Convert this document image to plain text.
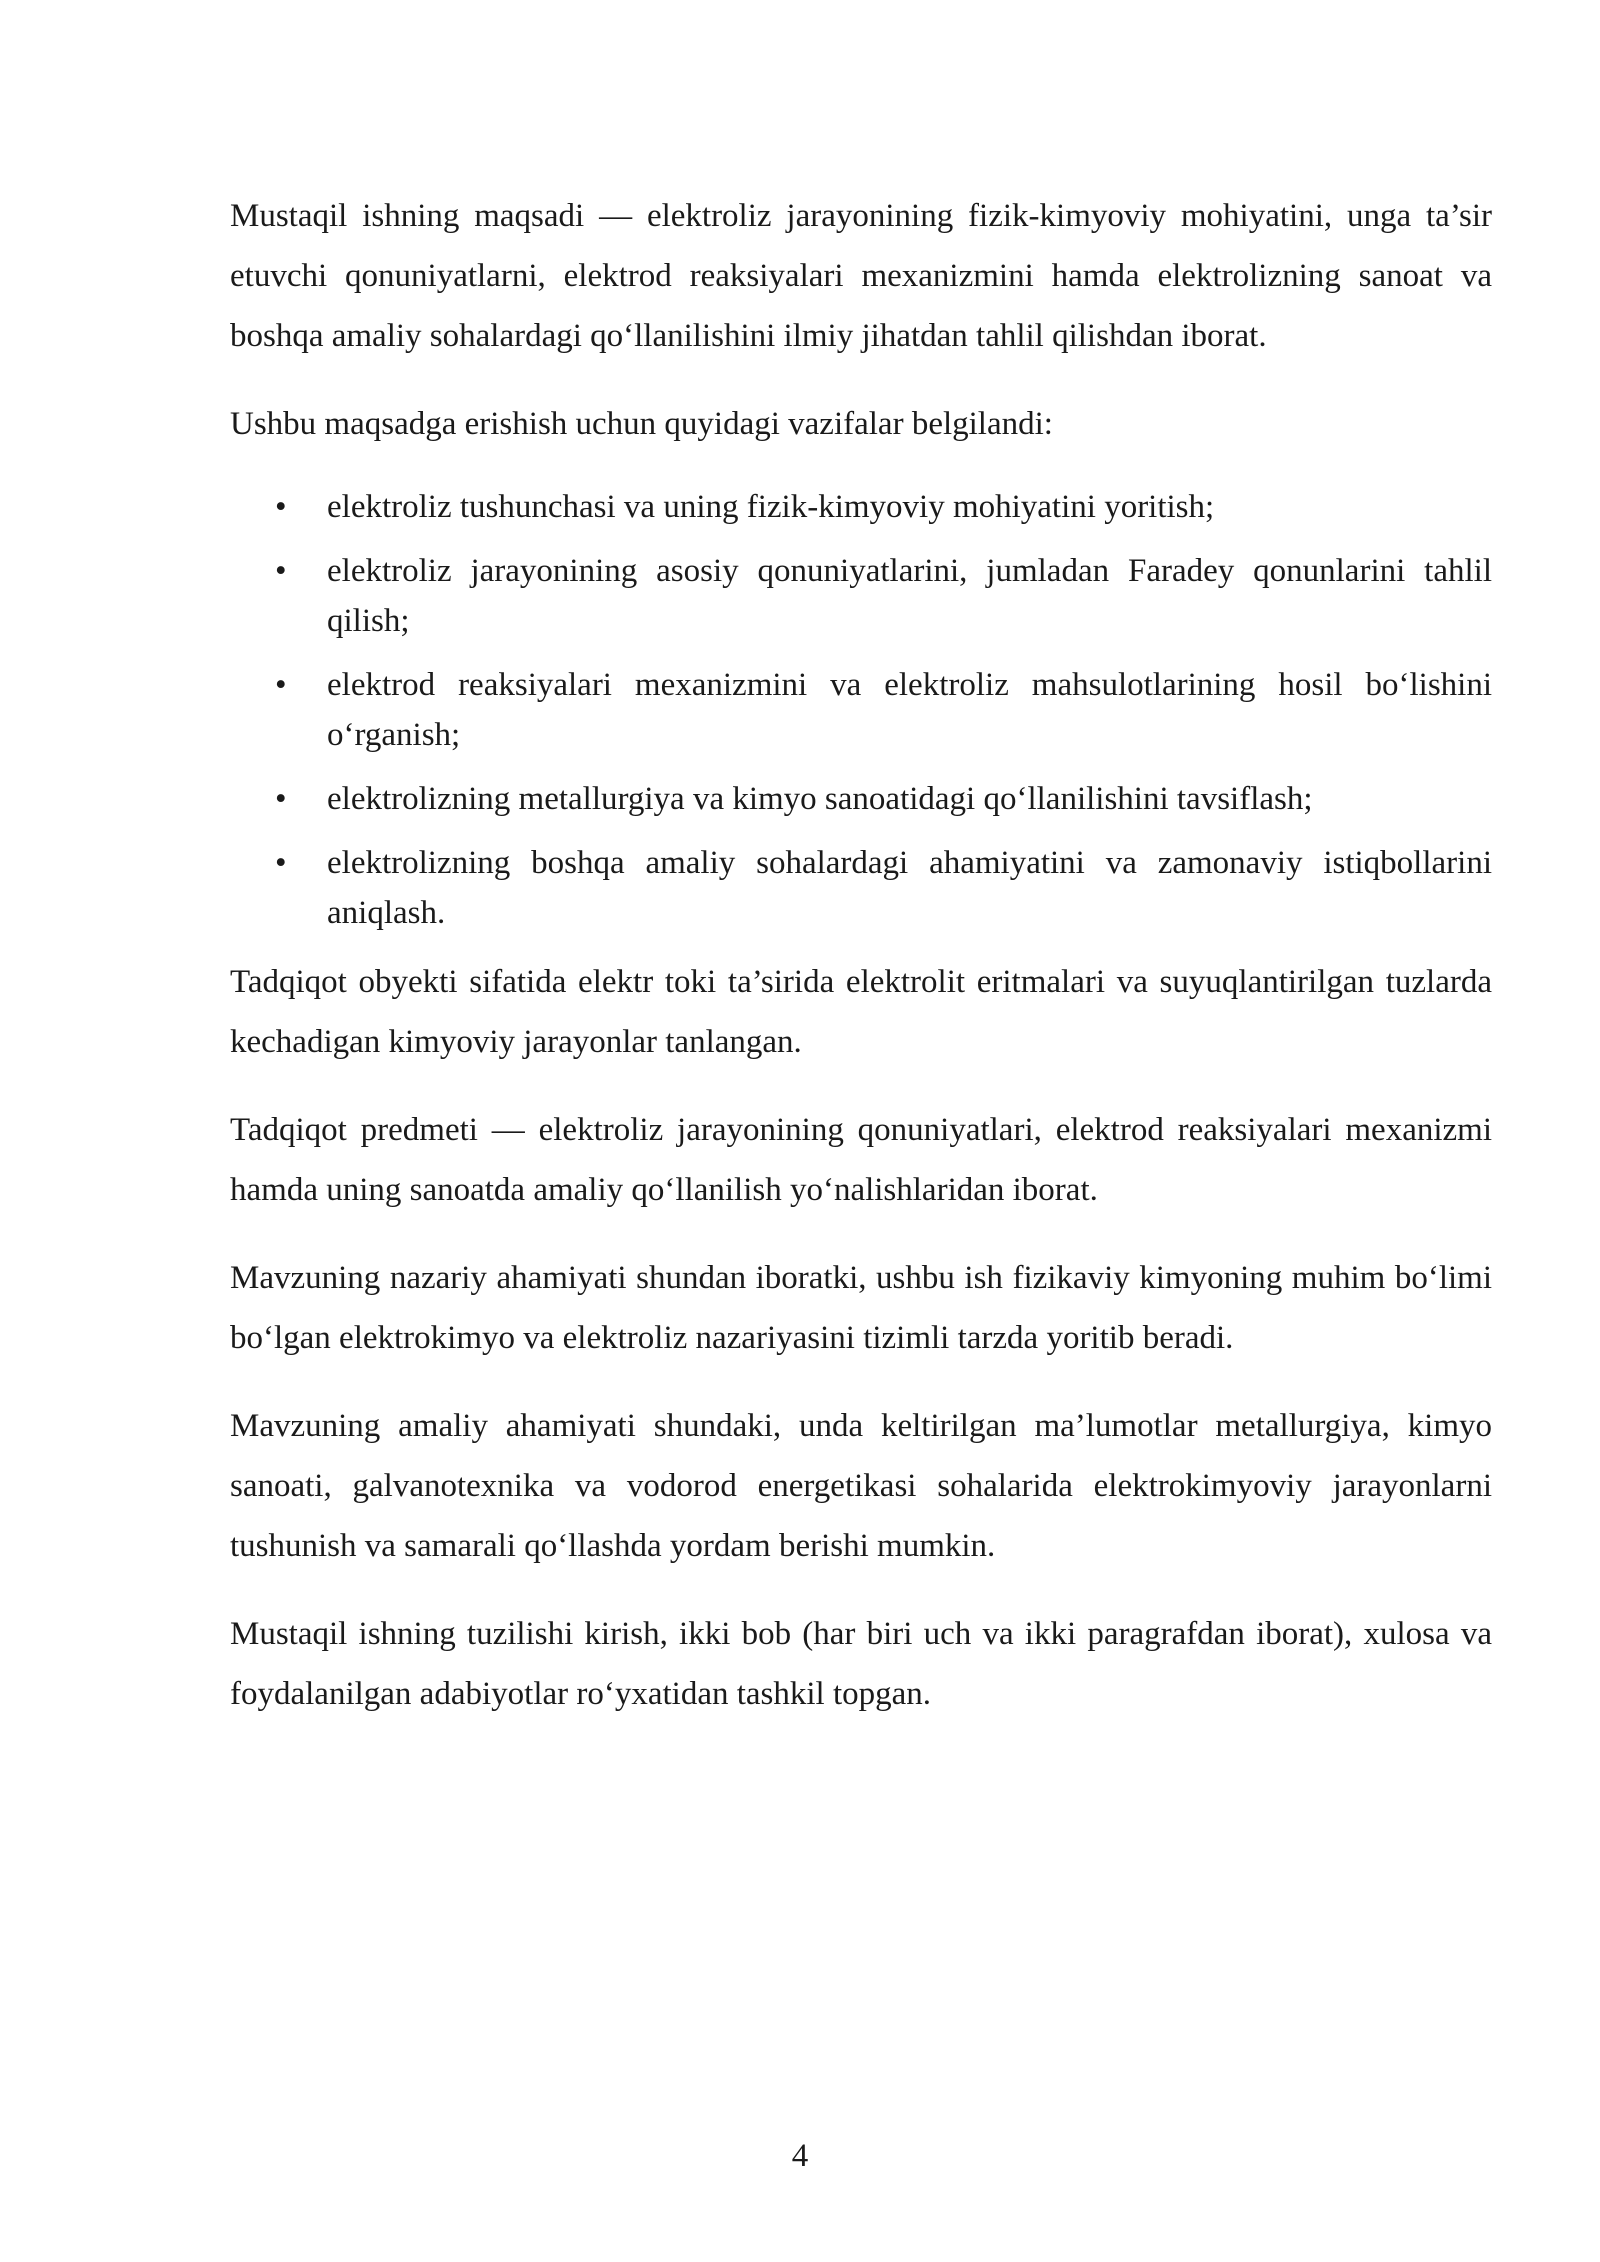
Mustaqil ishning maqsadi — elektroliz jarayonining fizik-kimyoviy mohiyatini, unga ta’sir etuvchi qonuniyatlarni, elektrod reaksiyalari mexanizmini hamda elektrolizning sanoat va boshqa amaliy sohalardagi qo‘llanilishini ilmiy jihatdan tahlil qilishdan iborat.

Ushbu maqsadga erishish uchun quyidagi vazifalar belgilandi:

• elektroliz tushunchasi va uning fizik-kimyoviy mohiyatini yoritish;
• elektroliz jarayonining asosiy qonuniyatlarini, jumladan Faradey qonunlarini tahlil qilish;
• elektrod reaksiyalari mexanizmini va elektroliz mahsulotlarining hosil bo‘lishini o‘rganish;
• elektrolizning metallurgiya va kimyo sanoatidagi qo‘llanilishini tavsiflash;
• elektrolizning boshqa amaliy sohalardagi ahamiyatini va zamonaviy istiqbollarini aniqlash.

Tadqiqot obyekti sifatida elektr toki ta’sirida elektrolit eritmalari va suyuqlantirilgan tuzlarda kechadigan kimyoviy jarayonlar tanlangan.

Tadqiqot predmeti — elektroliz jarayonining qonuniyatlari, elektrod reaksiyalari mexanizmi hamda uning sanoatda amaliy qo‘llanilish yo‘nalishlaridan iborat.

Mavzuning nazariy ahamiyati shundan iboratki, ushbu ish fizikaviy kimyoning muhim bo‘limi bo‘lgan elektrokimyo va elektroliz nazariyasini tizimli tarzda yoritib beradi.

Mavzuning amaliy ahamiyati shundaki, unda keltirilgan ma’lumotlar metallurgiya, kimyo sanoati, galvanotexnika va vodorod energetikasi sohalarida elektrokimyoviy jarayonlarni tushunish va samarali qo‘llashda yordam berishi mumkin.

Mustaqil ishning tuzilishi kirish, ikki bob (har biri uch va ikki paragrafdan iborat), xulosa va foydalanilgan adabiyotlar ro‘yxatidan tashkil topgan.

4
